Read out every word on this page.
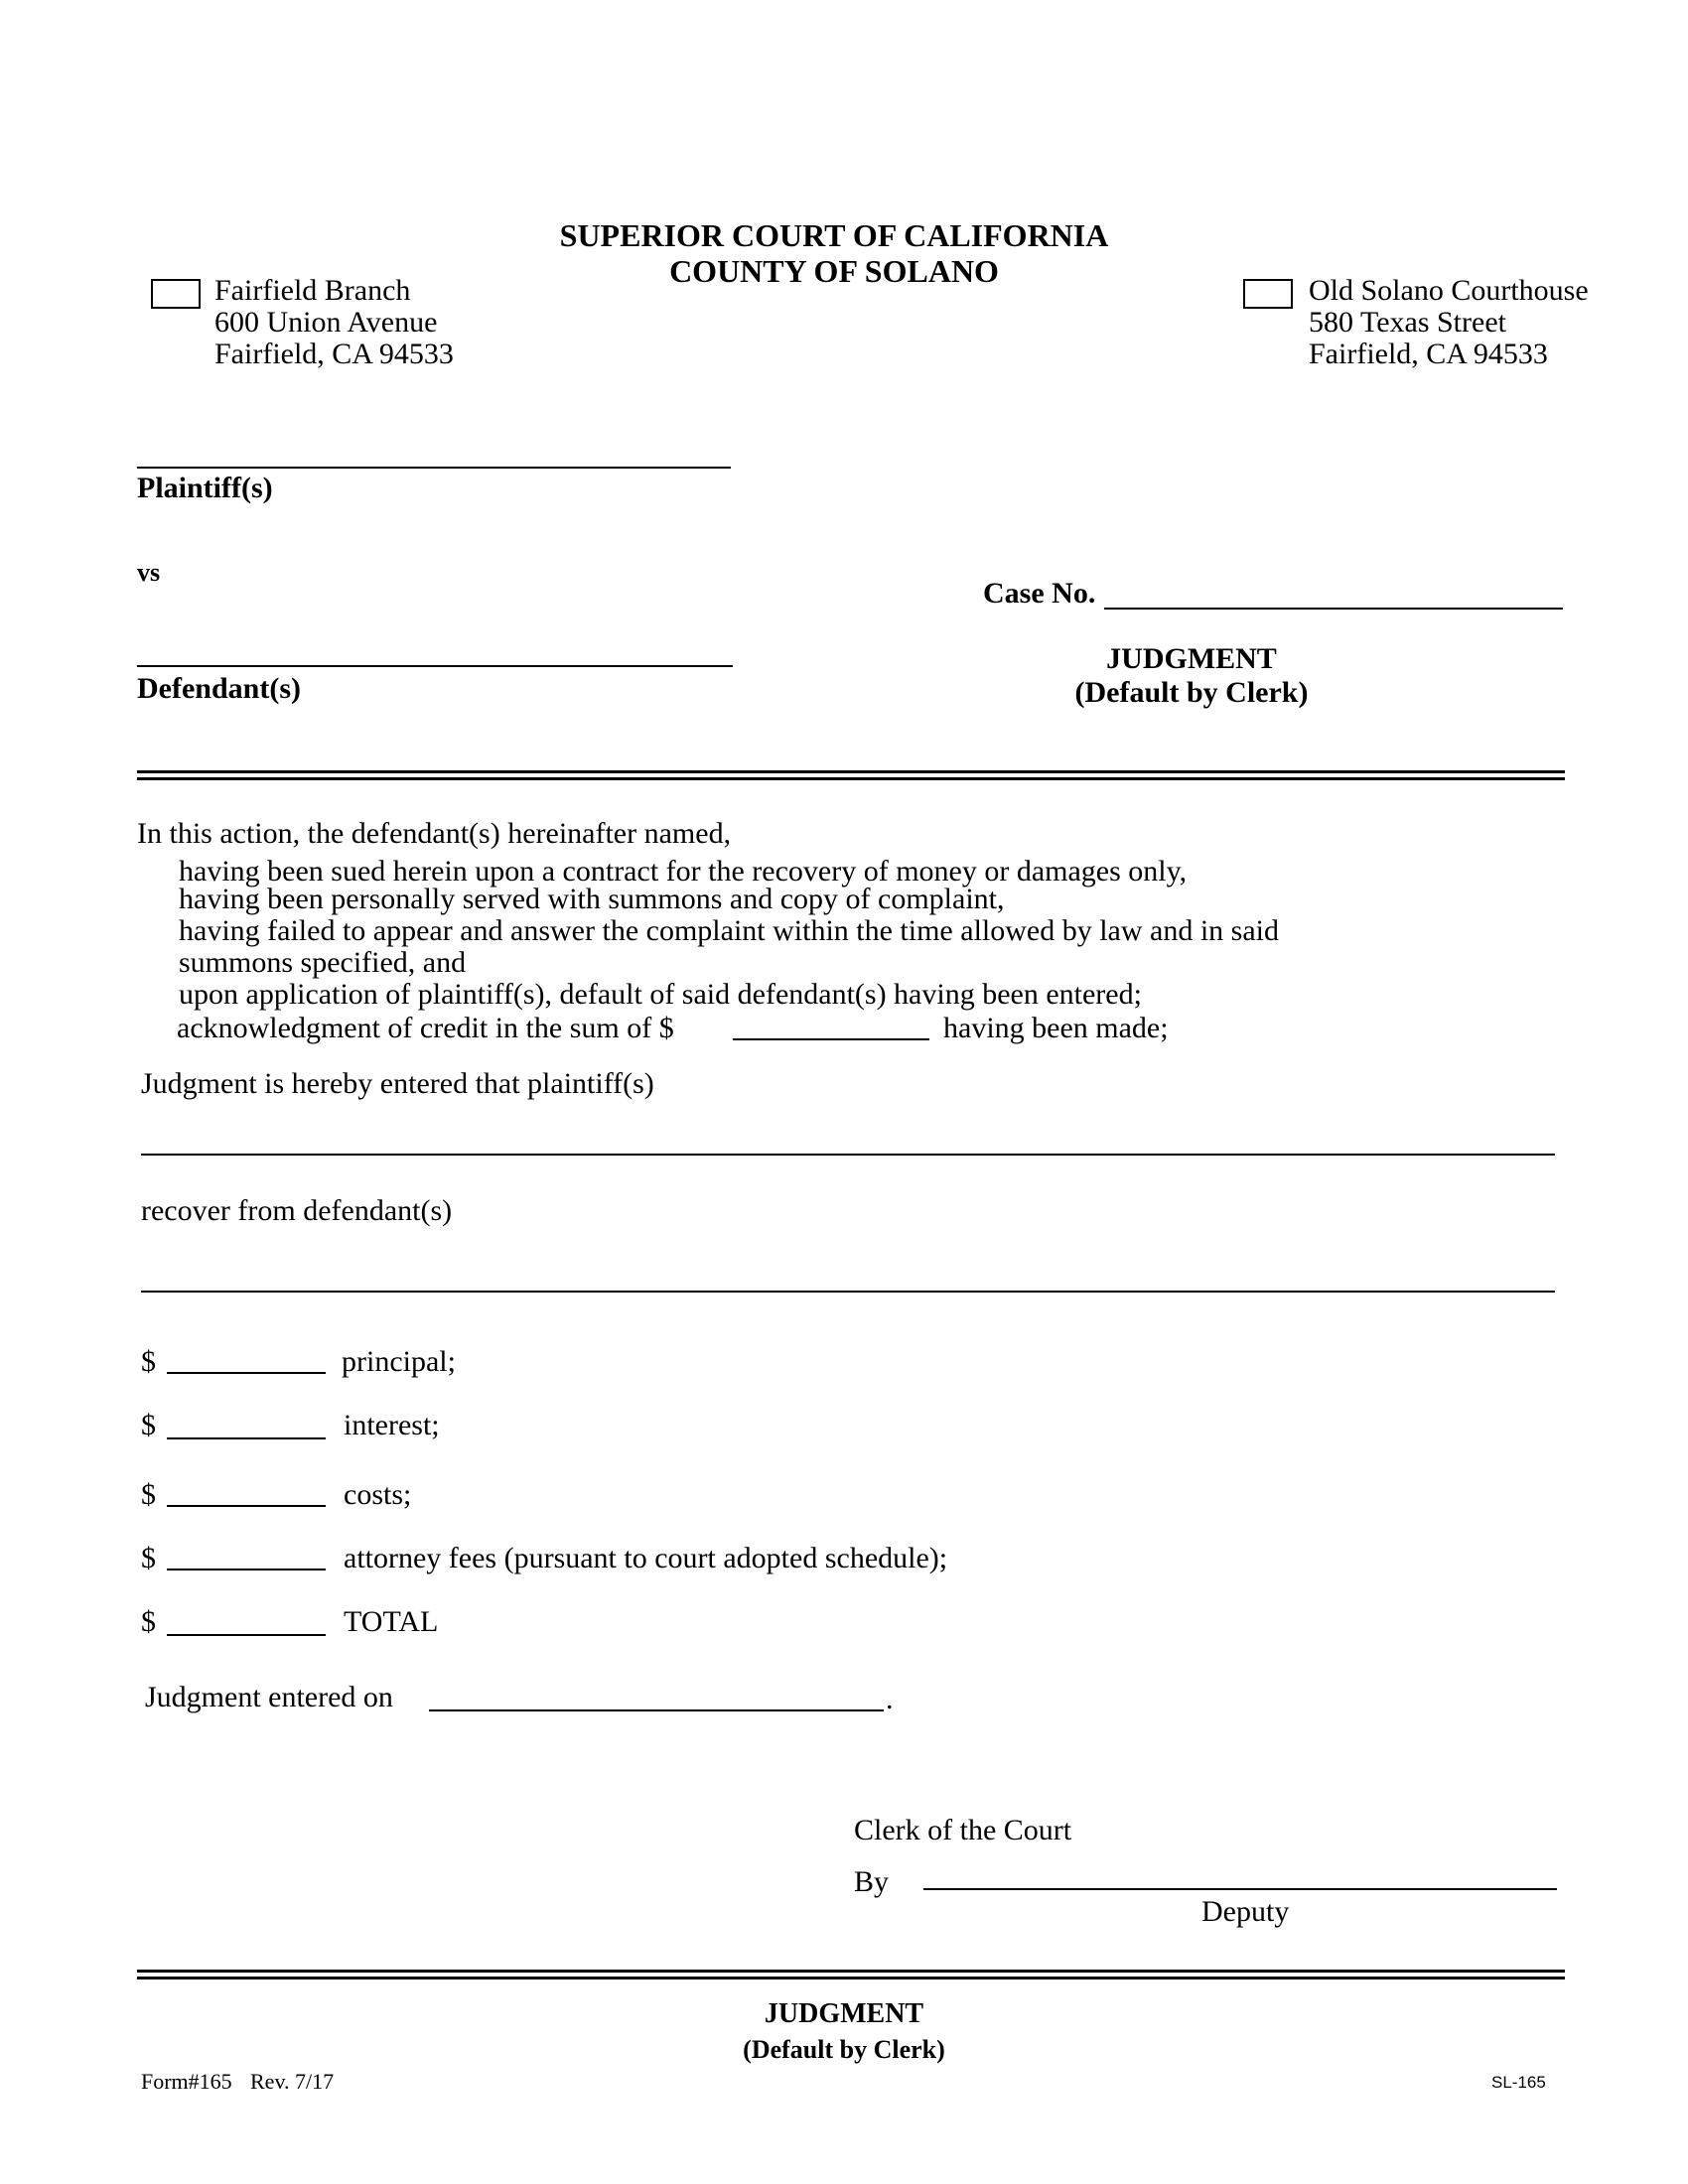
SUPERIOR COURT OF CALIFORNIA
COUNTY OF SOLANO
Fairfield Branch
600 Union Avenue
Fairfield, CA 94533
Old Solano Courthouse
580 Texas Street
Fairfield, CA 94533
Plaintiff(s)
vs
Case No.
Defendant(s)
JUDGMENT
(Default by Clerk)
In this action, the defendant(s) hereinafter named,
having been sued herein upon a contract for the recovery of money or damages only,
having been personally served with summons and copy of complaint,
having failed to appear and answer the complaint within the time allowed by law and in said
summons specified, and
upon application of plaintiff(s), default of said defendant(s) having been entered;
acknowledgment of credit in the sum of $	having been made;
Judgment is hereby entered that plaintiff(s)
recover from defendant(s)
$	principal;
$	interest;
$	costs;
$	attorney fees (pursuant to court adopted schedule);
$	TOTAL
Judgment entered on	.
Clerk of the Court
By
Deputy
JUDGMENT
(Default by Clerk)
Form#165 Rev. 7/17	SL-165
